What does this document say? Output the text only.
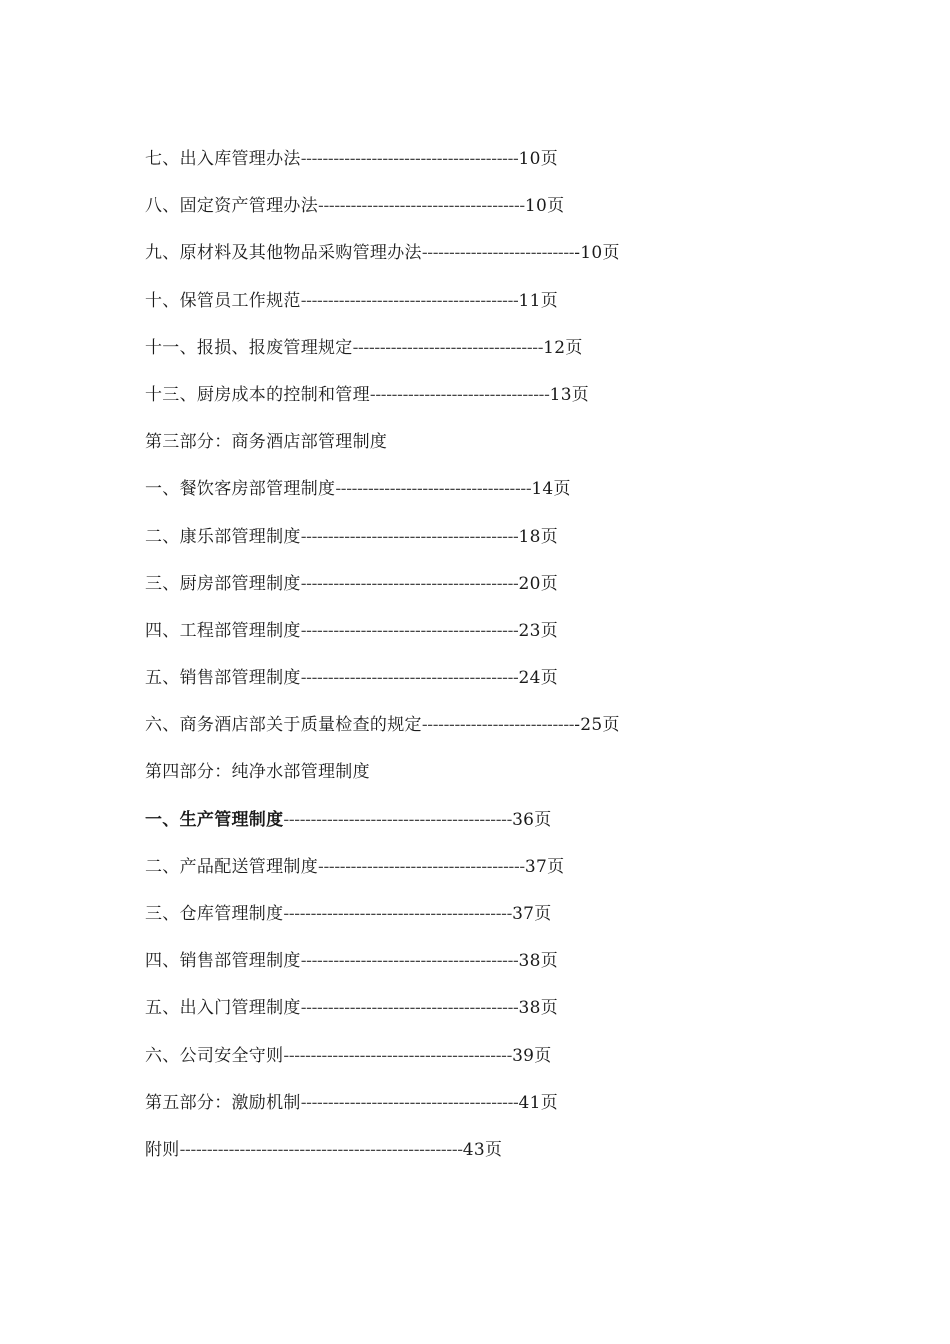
七、出入库管理办法----------------------------------------10页
八、固定资产管理办法--------------------------------------10页
九、原材料及其他物品采购管理办法-----------------------------10页
十、保管员工作规范----------------------------------------11页
十一、报损、报废管理规定-----------------------------------12页
十三、厨房成本的控制和管理---------------------------------13页
第三部分：商务酒店部管理制度
一、餐饮客房部管理制度------------------------------------14页
二、康乐部管理制度----------------------------------------18页
三、厨房部管理制度----------------------------------------20页
四、工程部管理制度----------------------------------------23页
五、销售部管理制度----------------------------------------24页
六、商务酒店部关于质量检查的规定-----------------------------25页
第四部分：纯净水部管理制度
一、生产管理制度------------------------------------------36页
二、产品配送管理制度--------------------------------------37页
三、仓库管理制度------------------------------------------37页
四、销售部管理制度----------------------------------------38页
五、出入门管理制度----------------------------------------38页
六、公司安全守则------------------------------------------39页
第五部分：激励机制----------------------------------------41页
附则----------------------------------------------------43页
